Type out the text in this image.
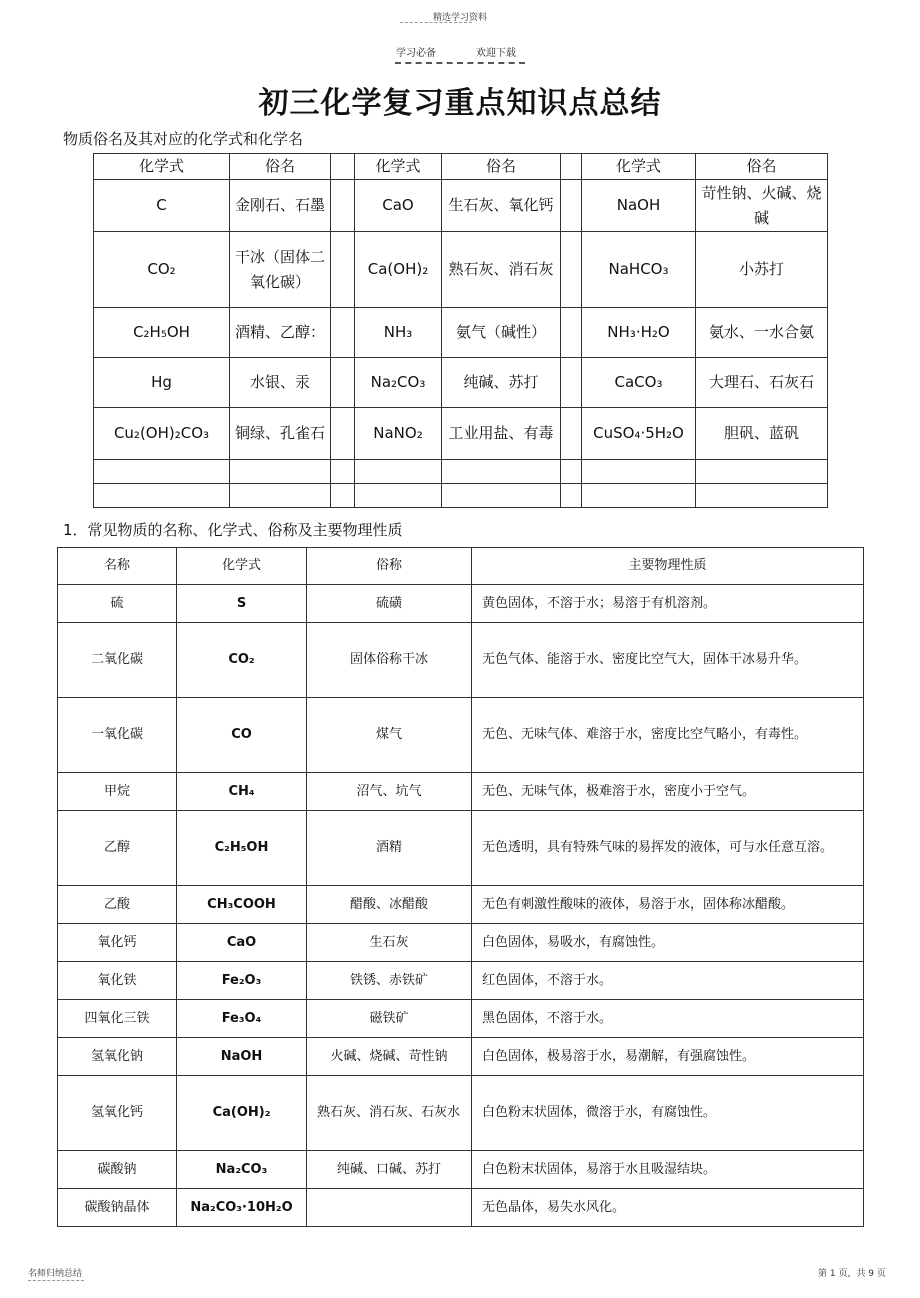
精选学习资料
学习必备	欢迎下载
初三化学复习重点知识点总结
物质俗名及其对应的化学式和化学名
化学式	俗名		化学式	俗名		化学式	俗名
C	金刚石、石墨		CaO	生石灰、氧化钙		NaOH	苛性钠、火碱、烧碱
CO₂	干冰（固体二氧化碳）		Ca(OH)₂	熟石灰、消石灰		NaHCO₃	小苏打
C₂H₅OH	酒精、乙醇：		NH₃	氨气（碱性）		NH₃·H₂O	氨水、一水合氨
Hg	水银、汞		Na₂CO₃	纯碱、苏打		CaCO₃	大理石、石灰石
Cu₂(OH)₂CO₃	铜绿、孔雀石		NaNO₂	工业用盐、有毒		CuSO₄·5H₂O	胆矾、蓝矾

1．常见物质的名称、化学式、俗称及主要物理性质
名称	化学式	俗称	主要物理性质
硫	S	硫磺	黄色固体，不溶于水；易溶于有机溶剂。
二氧化碳	CO₂	固体俗称干冰	无色气体、能溶于水、密度比空气大，固体干冰易升华。
一氧化碳	CO	煤气	无色、无味气体、难溶于水，密度比空气略小，有毒性。
甲烷	CH₄	沼气、坑气	无色、无味气体，极难溶于水，密度小于空气。
乙醇	C₂H₅OH	酒精	无色透明，具有特殊气味的易挥发的液体，可与水任意互溶。
乙酸	CH₃COOH	醋酸、冰醋酸	无色有刺激性酸味的液体，易溶于水，固体称冰醋酸。
氧化钙	CaO	生石灰	白色固体，易吸水，有腐蚀性。
氧化铁	Fe₂O₃	铁锈、赤铁矿	红色固体，不溶于水。
四氧化三铁	Fe₃O₄	磁铁矿	黑色固体，不溶于水。
氢氧化钠	NaOH	火碱、烧碱、苛性钠	白色固体，极易溶于水，易潮解，有强腐蚀性。
氢氧化钙	Ca(OH)₂	熟石灰、消石灰、石灰水	白色粉末状固体，微溶于水，有腐蚀性。
碳酸钠	Na₂CO₃	纯碱、口碱、苏打	白色粉末状固体，易溶于水且吸湿结块。
碳酸钠晶体	Na₂CO₃·10H₂O		无色晶体，易失水风化。
名师归纳总结	第 1 页，共 9 页
